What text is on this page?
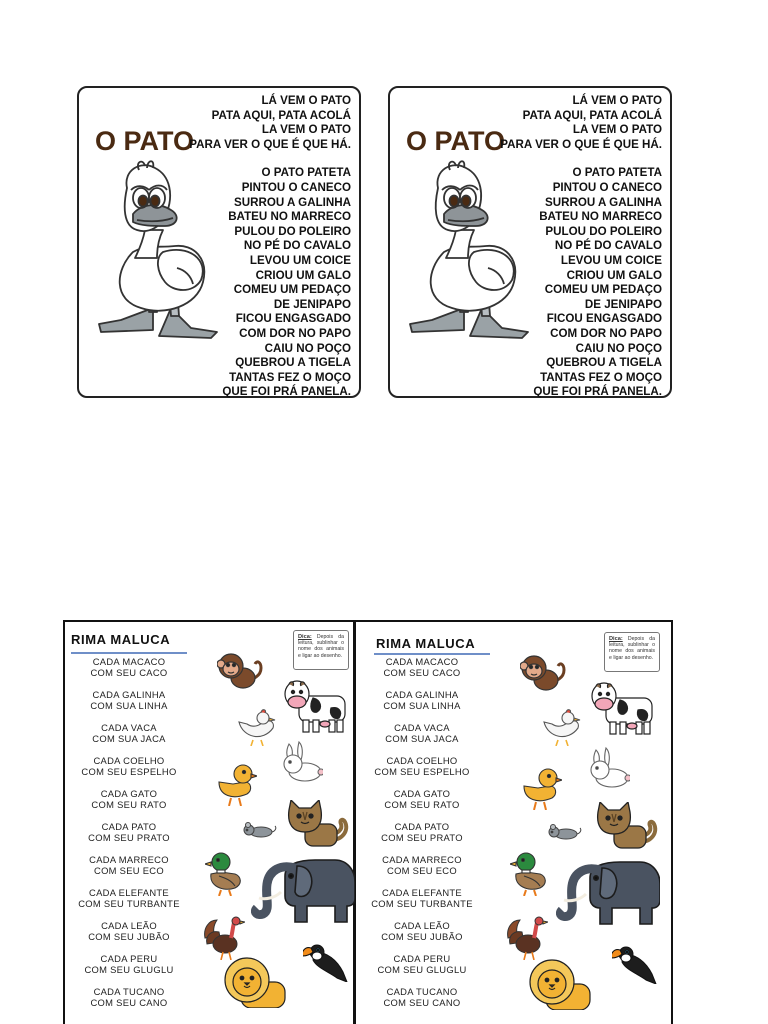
O PATO
LÁ VEM O PATO
PATA AQUI, PATA ACOLÁ
LA VEM O PATO
PARA VER O QUE É QUE HÁ.
O PATO PATETA
PINTOU O CANECO
SURROU A GALINHA
BATEU NO MARRECO
PULOU DO POLEIRO
NO PÉ DO CAVALO
LEVOU UM COICE
CRIOU UM GALO
COMEU UM PEDAÇO
DE JENIPAPO
FICOU ENGASGADO
COM DOR NO PAPO
CAIU NO POÇO
QUEBROU A TIGELA
TANTAS FEZ O MOÇO
QUE FOI PRÁ PANELA.
O PATO
LÁ VEM O PATO
PATA AQUI, PATA ACOLÁ
LA VEM O PATO
PARA VER O QUE É QUE HÁ.
O PATO PATETA
PINTOU O CANECO
SURROU A GALINHA
BATEU NO MARRECO
PULOU DO POLEIRO
NO PÉ DO CAVALO
LEVOU UM COICE
CRIOU UM GALO
COMEU UM PEDAÇO
DE JENIPAPO
FICOU ENGASGADO
COM DOR NO PAPO
CAIU NO POÇO
QUEBROU A TIGELA
TANTAS FEZ O MOÇO
QUE FOI PRÁ PANELA.
RIMA MALUCA	Dica: Depois da leitura, sublinhar o nome dos animais e ligar ao desenho.
CADA MACACO
COM SEU CACO
CADA GALINHA
COM SUA LINHA
CADA VACA
COM SUA JACA
CADA COELHO
COM SEU ESPELHO
CADA GATO
COM SEU RATO
CADA PATO
COM SEU PRATO
CADA MARRECO
COM SEU ECO
CADA ELEFANTE
COM SEU TURBANTE
CADA LEÃO
COM SEU JUBÃO
CADA PERU
COM SEU GLUGLU
CADA TUCANO
COM SEU CANO
RIMA MALUCA	Dica: Depois da leitura, sublinhar o nome dos animais e ligar ao desenho.
CADA MACACO
COM SEU CACO
CADA GALINHA
COM SUA LINHA
CADA VACA
COM SUA JACA
CADA COELHO
COM SEU ESPELHO
CADA GATO
COM SEU RATO
CADA PATO
COM SEU PRATO
CADA MARRECO
COM SEU ECO
CADA ELEFANTE
COM SEU TURBANTE
CADA LEÃO
COM SEU JUBÃO
CADA PERU
COM SEU GLUGLU
CADA TUCANO
COM SEU CANO
